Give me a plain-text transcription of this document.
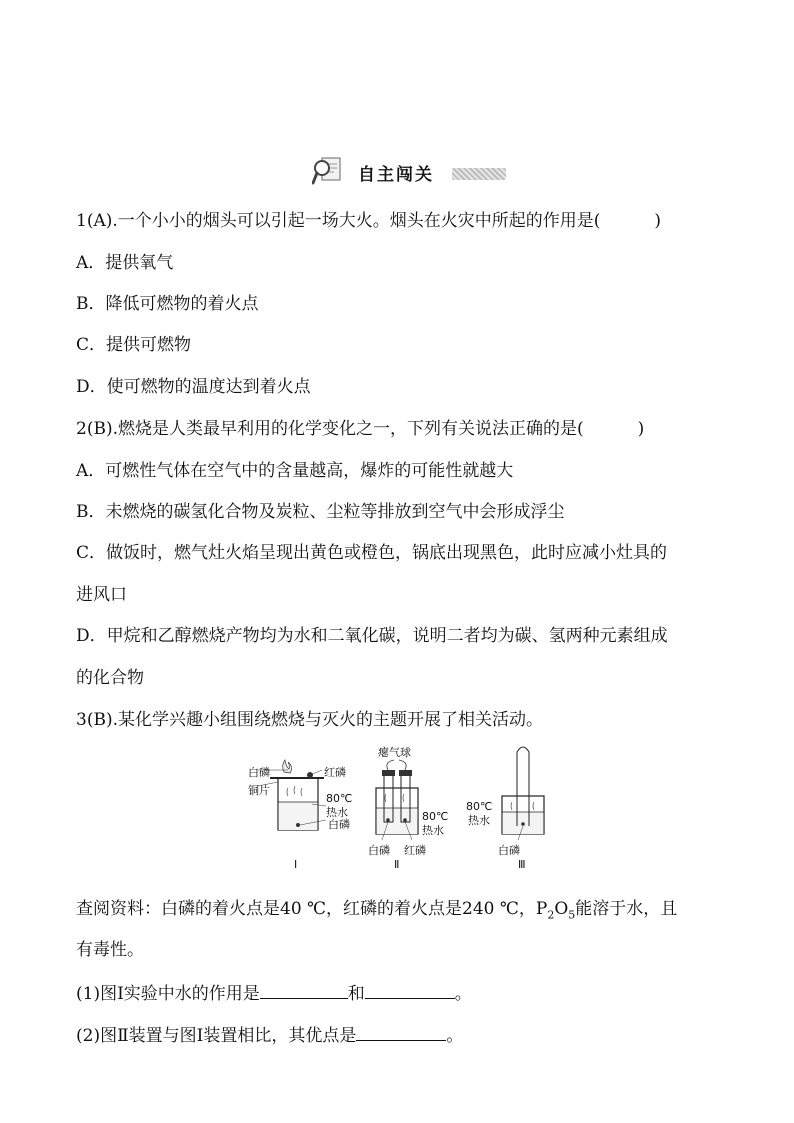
自主闯关
1(A).一个小小的烟头可以引起一场大火。烟头在火灾中所起的作用是(	)
A．提供氧气
B．降低可燃物的着火点
C．提供可燃物
D．使可燃物的温度达到着火点
2(B).燃烧是人类最早利用的化学变化之一，下列有关说法正确的是(	)
A．可燃性气体在空气中的含量越高，爆炸的可能性就越大
B．未燃烧的碳氢化合物及炭粒、尘粒等排放到空气中会形成浮尘
C．做饭时，燃气灶火焰呈现出黄色或橙色，锅底出现黑色，此时应减小灶具的
进风口
D．甲烷和乙醇燃烧产物均为水和二氧化碳，说明二者均为碳、氢两种元素组成
的化合物
3(B).某化学兴趣小组围绕燃烧与灭火的主题开展了相关活动。
白磷	红磷
铜片
80℃
热水
白磷
Ⅰ
瘪气球
80℃
热水
白磷 红磷
Ⅱ
80℃
热水
白磷
Ⅲ
查阅资料：白磷的着火点是40 ℃，红磷的着火点是240 ℃，$P_2O_5$能溶于水，且
有毒性。
(1)图Ⅰ实验中水的作用是	和	。
(2)图Ⅱ装置与图Ⅰ装置相比，其优点是	。
